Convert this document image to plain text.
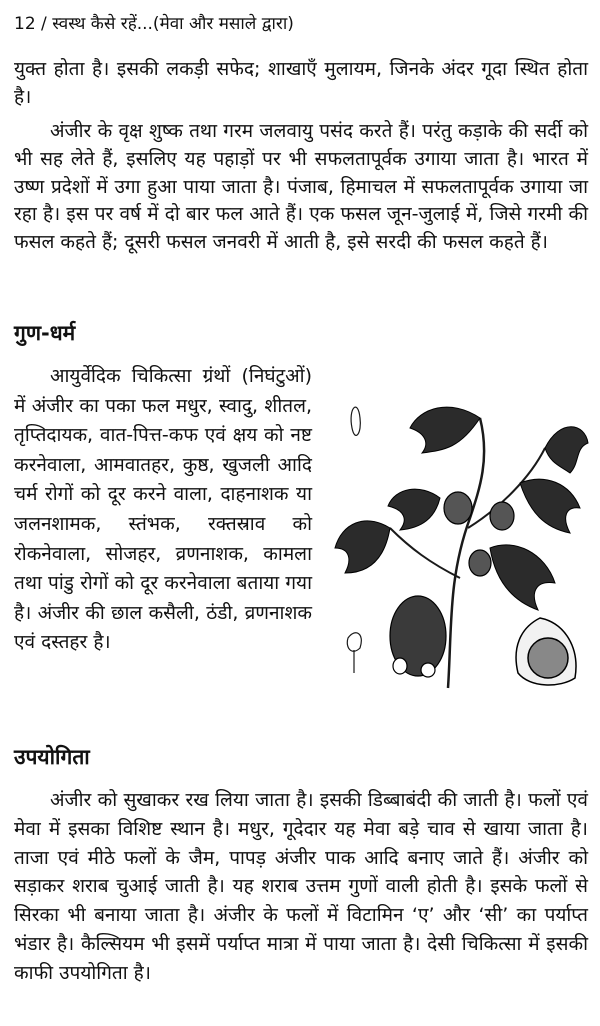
12 / स्वस्थ कैसे रहें...(मेवा और मसाले द्वारा)

युक्त होता है। इसकी लकड़ी सफेद; शाखाएँ मुलायम, जिनके अंदर गूदा स्थित होता है।

अंजीर के वृक्ष शुष्क तथा गरम जलवायु पसंद करते हैं। परंतु कड़ाके की सर्दी को भी सह लेते हैं, इसलिए यह पहाड़ों पर भी सफलतापूर्वक उगाया जाता है। भारत में उष्ण प्रदेशों में उगा हुआ पाया जाता है। पंजाब, हिमाचल में सफलतापूर्वक उगाया जा रहा है। इस पर वर्ष में दो बार फल आते हैं। एक फसल जून-जुलाई में, जिसे गरमी की फसल कहते हैं; दूसरी फसल जनवरी में आती है, इसे सरदी की फसल कहते हैं।

गुण-धर्म

आयुर्वेदिक चिकित्सा ग्रंथों (निघंटुओं) में अंजीर का पका फल मधुर, स्वादु, शीतल, तृप्तिदायक, वात-पित्त-कफ एवं क्षय को नष्ट करनेवाला, आमवातहर, कुष्ठ, खुजली आदि चर्म रोगों को दूर करने वाला, दाहनाशक या जलनशामक, स्तंभक, रक्तस्राव को रोकनेवाला, सोजहर, व्रणनाशक, कामला तथा पांडु रोगों को दूर करनेवाला बताया गया है। अंजीर की छाल कसैली, ठंडी, व्रणनाशक एवं दस्तहर है।

उपयोगिता

अंजीर को सुखाकर रख लिया जाता है। इसकी डिब्बाबंदी की जाती है। फलों एवं मेवा में इसका विशिष्ट स्थान है। मधुर, गूदेदार यह मेवा बड़े चाव से खाया जाता है। ताजा एवं मीठे फलों के जैम, पापड़ अंजीर पाक आदि बनाए जाते हैं। अंजीर को सड़ाकर शराब चुआई जाती है। यह शराब उत्तम गुणों वाली होती है। इसके फलों से सिरका भी बनाया जाता है। अंजीर के फलों में विटामिन ‘ए’ और ‘सी’ का पर्याप्त भंडार है। कैल्सियम भी इसमें पर्याप्त मात्रा में पाया जाता है। देसी चिकित्सा में इसकी काफी उपयोगिता है।
